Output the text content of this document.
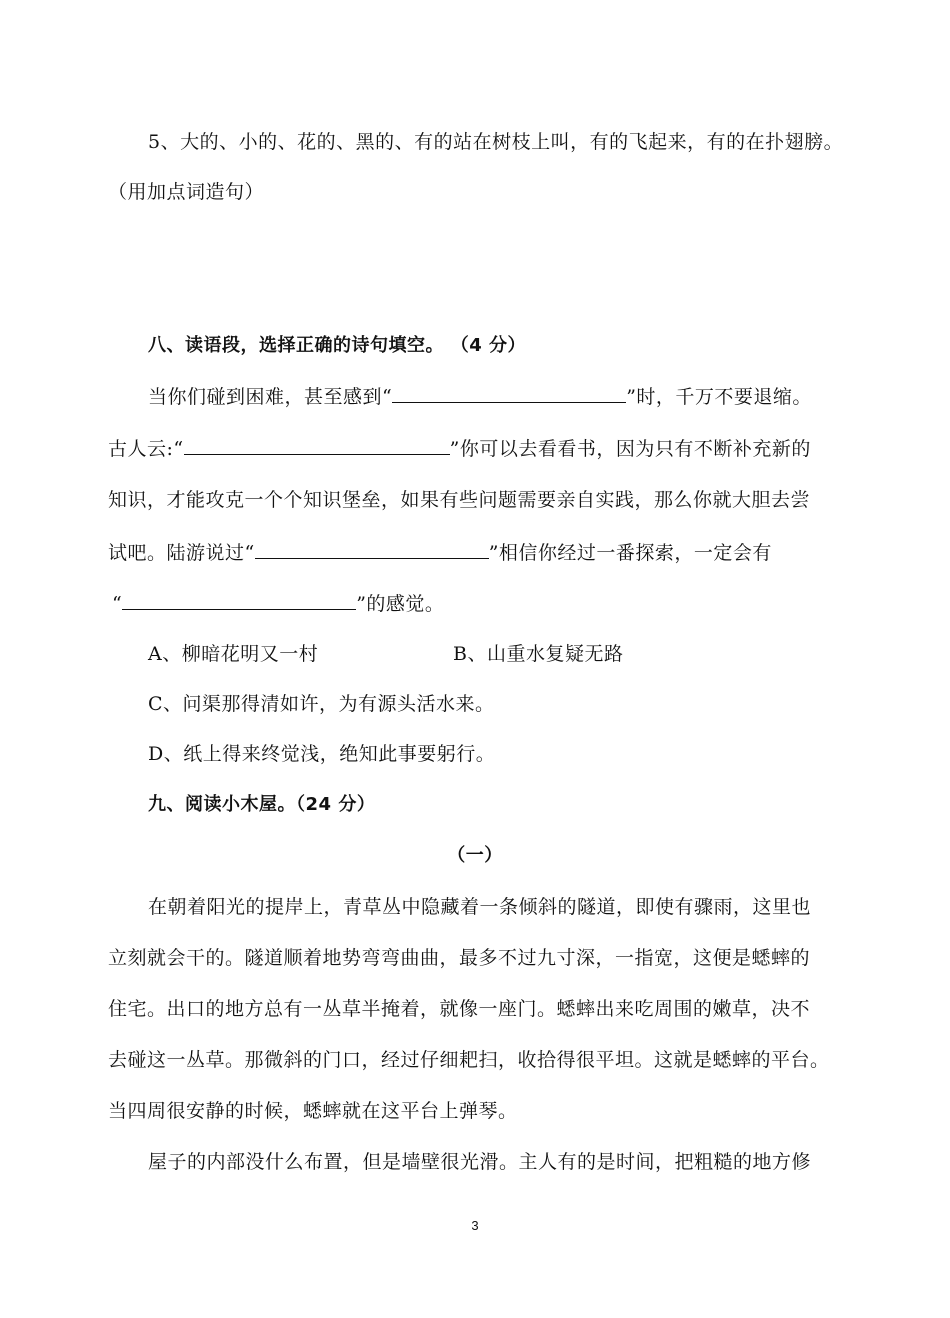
5、大的、小的、花的、黑的、有的站在树枝上叫，有的飞起来，有的在扑翅膀。
（用加点词造句）
八、读语段，选择正确的诗句填空。 （4 分）
当你们碰到困难，甚至感到“	”时，千万不要退缩。
古人云:“	”你可以去看看书，因为只有不断补充新的
知识，才能攻克一个个知识堡垒，如果有些问题需要亲自实践，那么你就大胆去尝
试吧。陆游说过“	”相信你经过一番探索，一定会有
“	”的感觉。
A、柳暗花明又一村	B、山重水复疑无路
C、问渠那得清如许，为有源头活水来。
D、纸上得来终觉浅，绝知此事要躬行。
九、阅读小木屋。（24 分）
（一）
在朝着阳光的提岸上，青草丛中隐藏着一条倾斜的隧道，即使有骤雨，这里也
立刻就会干的。隧道顺着地势弯弯曲曲，最多不过九寸深，一指宽，这便是蟋蟀的
住宅。出口的地方总有一丛草半掩着，就像一座门。蟋蟀出来吃周围的嫩草，决不
去碰这一丛草。那微斜的门口，经过仔细耙扫，收拾得很平坦。这就是蟋蟀的平台。
当四周很安静的时候，蟋蟀就在这平台上弹琴。
屋子的内部没什么布置，但是墙壁很光滑。主人有的是时间，把粗糙的地方修
3
